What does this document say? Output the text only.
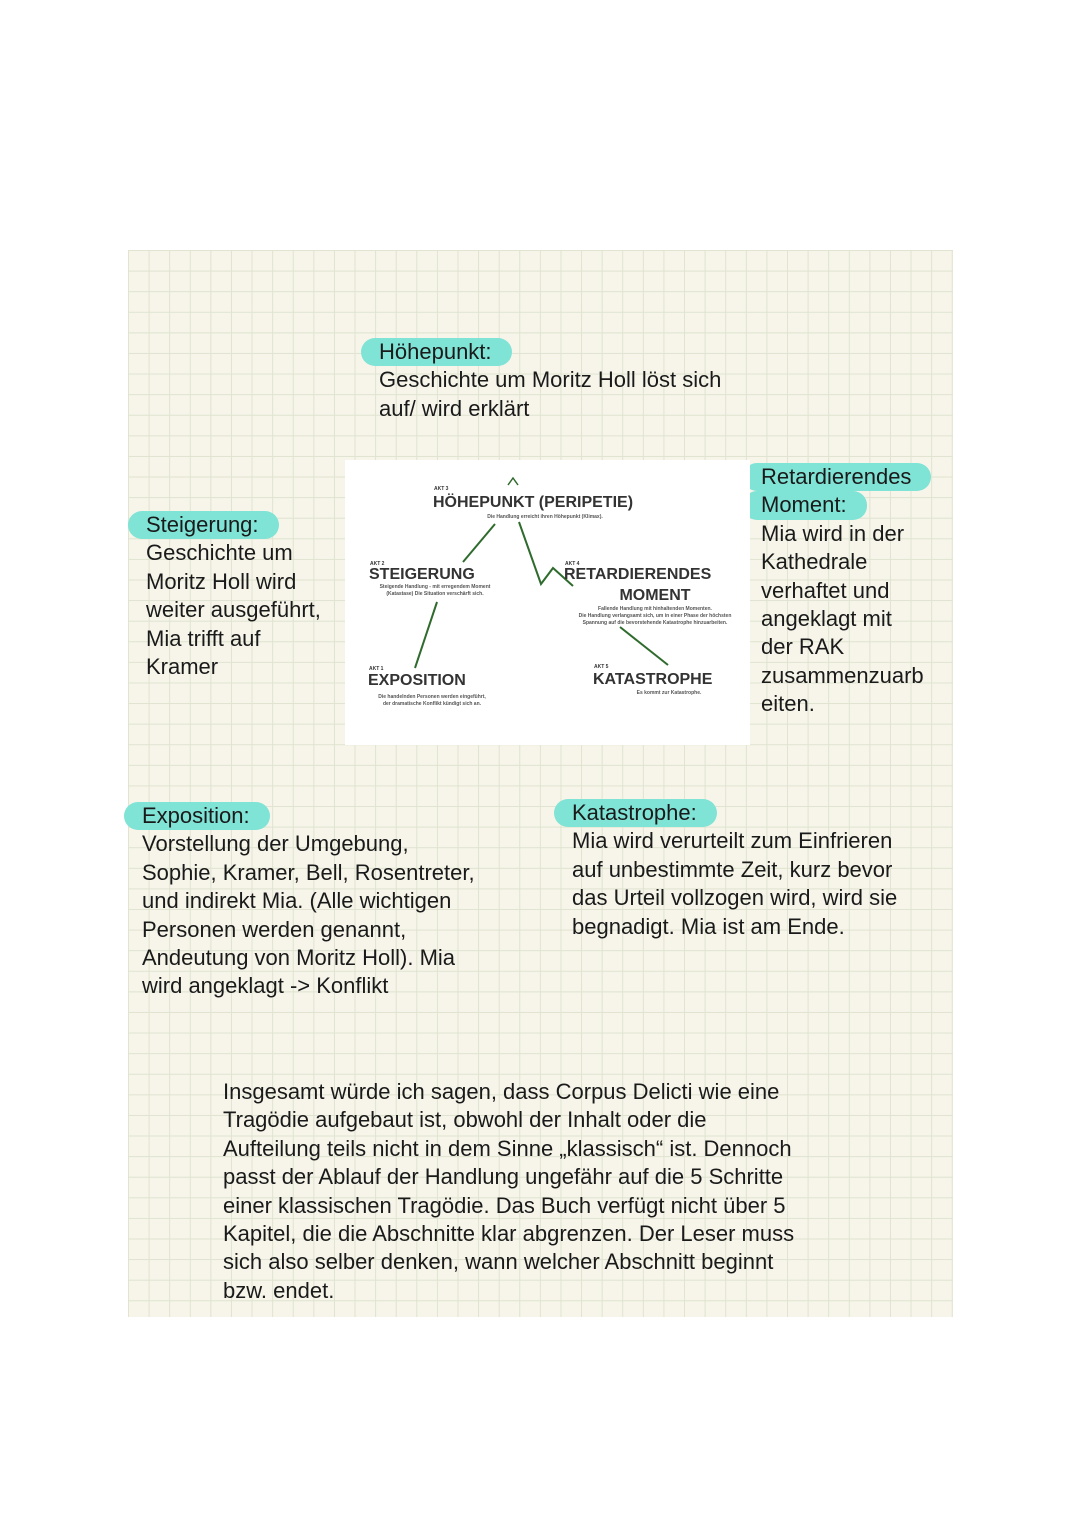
Höhepunkt:
Geschichte um Moritz Holl löst sich
auf/ wird erklärt
Steigerung:
Geschichte um
Moritz Holl wird
weiter ausgeführt,
Mia trifft auf
Kramer
Retardierendes
Moment:
Mia wird in der
Kathedrale
verhaftet und
angeklagt mit
der RAK
zusammenzuarb
eiten.
AKT 3
HÖHEPUNKT (PERIPETIE)
Die Handlung erreicht ihren Höhepunkt (Klimax).
AKT 2
STEIGERUNG
Steigende Handlung - mit erregendem Moment
(Katastase) Die Situation verschärft sich.
AKT 4
RETARDIERENDES
MOMENT
Fallende Handlung mit hinhaltenden Momenten.
Die Handlung verlangsamt sich, um in einer Phase der höchsten
Spannung auf die bevorstehende Katastrophe hinzuarbeiten.
AKT 1
EXPOSITION
Die handelnden Personen werden eingeführt,
der dramatische Konflikt kündigt sich an.
AKT 5
KATASTROPHE
Es kommt zur Katastrophe.
Exposition:
Vorstellung der Umgebung,
Sophie, Kramer, Bell, Rosentreter,
und indirekt Mia. (Alle wichtigen
Personen werden genannt,
Andeutung von Moritz Holl). Mia
wird angeklagt -> Konflikt
Katastrophe:
Mia wird verurteilt zum Einfrieren
auf unbestimmte Zeit, kurz bevor
das Urteil vollzogen wird, wird sie
begnadigt. Mia ist am Ende.
Insgesamt würde ich sagen, dass Corpus Delicti wie eine
Tragödie aufgebaut ist, obwohl der Inhalt oder die
Aufteilung teils nicht in dem Sinne „klassisch“ ist. Dennoch
passt der Ablauf der Handlung ungefähr auf die 5 Schritte
einer klassischen Tragödie. Das Buch verfügt nicht über 5
Kapitel, die die Abschnitte klar abgrenzen. Der Leser muss
sich also selber denken, wann welcher Abschnitt beginnt
bzw. endet.
